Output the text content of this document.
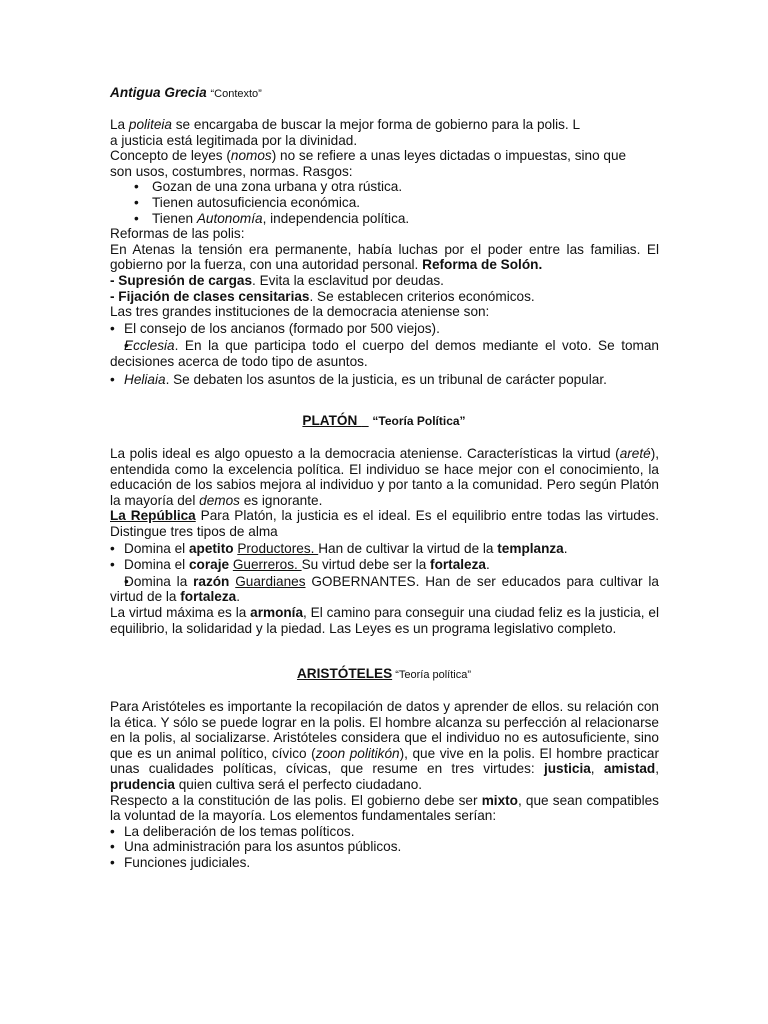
Antigua Grecia “Contexto”

La politeia se encargaba de buscar la mejor forma de gobierno para la polis. L
a justicia está legitimada por la divinidad.

Concepto de leyes (nomos) no se refiere a unas leyes dictadas o impuestas, sino que
son usos, costumbres, normas. Rasgos:

• Gozan de una zona urbana y otra rústica.
• Tienen autosuficiencia económica.
• Tienen Autonomía, independencia política.

Reformas de las polis:

En Atenas la tensión era permanente, había luchas por el poder entre las familias. El gobierno por la fuerza, con una autoridad personal. Reforma de Solón.

- Supresión de cargas. Evita la esclavitud por deudas.

- Fijación de clases censitarias. Se establecen criterios económicos.

Las tres grandes instituciones de la democracia ateniense son:

• El consejo de los ancianos (formado por 500 viejos).
• Ecclesia. En la que participa todo el cuerpo del demos mediante el voto. Se toman decisiones acerca de todo tipo de asuntos.
• Heliaia. Se debaten los asuntos de la justicia, es un tribunal de carácter popular.

PLATÓN    “Teoría Política”

La polis ideal es algo opuesto a la democracia ateniense. Características la virtud (areté), entendida como la excelencia política. El individuo se hace mejor con el conocimiento, la educación de los sabios mejora al individuo y por tanto a la comunidad. Pero según Platón la mayoría del demos es ignorante.

La República Para Platón, la justicia es el ideal. Es el equilibrio entre todas las virtudes. Distingue tres tipos de alma

• Domina el apetito Productores. Han de cultivar la virtud de la templanza.
• Domina el coraje Guerreros. Su virtud debe ser la fortaleza.
• Domina la razón Guardianes GOBERNANTES. Han de ser educados para cultivar la virtud de la fortaleza.

La virtud máxima es la armonía, El camino para conseguir una ciudad feliz es la justicia, el equilibrio, la solidaridad y la piedad. Las Leyes es un programa legislativo completo.

ARISTÓTELES “Teoría política”

Para Aristóteles es importante la recopilación de datos y aprender de ellos. su relación con la ética. Y sólo se puede lograr en la polis. El hombre alcanza su perfección al relacionarse en la polis, al socializarse. Aristóteles considera que el individuo no es autosuficiente, sino que es un animal político, cívico (zoon politikón), que vive en la polis. El hombre practicar unas cualidades políticas, cívicas, que resume en tres virtudes: justicia, amistad, prudencia quien cultiva será el perfecto ciudadano.

Respecto a la constitución de las polis. El gobierno debe ser mixto, que sean compatibles la voluntad de la mayoría. Los elementos fundamentales serían:

• La deliberación de los temas políticos.
• Una administración para los asuntos públicos.
• Funciones judiciales.
